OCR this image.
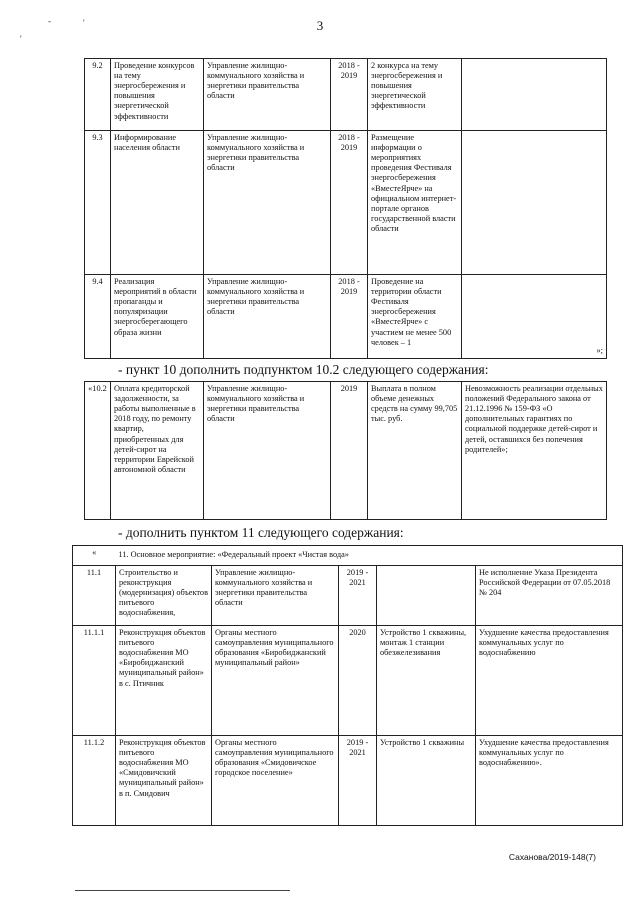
3
'
-	'
9.2	Проведение конкурсов на тему энергосбережения и повышения энергетической эффективности	Управление жилищно-коммунального хозяйства и энергетики правительства области	2018 - 2019	2 конкурса на тему энергосбережения и повышения энергетической эффективности	
9.3	Информирование населения области	Управление жилищно-коммунального хозяйства и энергетики правительства области	2018 - 2019	Размещение информации о мероприятиях проведения Фестиваля энергосбережения «ВместеЯрче» на официальном интернет-портале органов государственной власти области	
9.4	Реализация мероприятий в области пропаганды и популяризации энергосберегающего образа жизни	Управление жилищно-коммунального хозяйства и энергетики правительства области	2018 - 2019	Проведение на территории области Фестиваля энергосбережения «ВместеЯрче» с участием не менее 500 человек – 1	»;
- пункт 10 дополнить подпунктом 10.2 следующего содержания:
«10.2	Оплата кредиторской задолженности, за работы выполненные в 2018 году, по ремонту квартир, приобретенных для детей-сирот на территории Еврейской автономной области	Управление жилищно-коммунального хозяйства и энергетики правительства области	2019	Выплата в полном объеме денежных средств на сумму 99,705 тыс. руб.	Невозможность реализации отдельных положений Федерального закона от 21.12.1996 № 159-ФЗ «О дополнительных гарантиях по социальной поддержке детей-сирот и детей, оставшихся без попечения родителей»;
- дополнить пунктом 11 следующего содержания:
«	11. Основное мероприятие: «Федеральный проект «Чистая вода»				
11.1	Строительство и реконструкция (модернизация) объектов питьевого водоснабжения,	Управление жилищно-коммунального хозяйства и энергетики правительства области	2019 - 2021		Не исполнение Указа Президента Российской Федерации от 07.05.2018 № 204
11.1.1	Реконструкция объектов питьевого водоснабжения МО «Биробиджанский муниципальный район» в с. Птичник	Органы местного самоуправления муниципального образования «Биробиджанский муниципальный район»	2020	Устройство 1 скважины, монтаж 1 станции обезжелезивания	Ухудшение качества предоставления коммунальных услуг по водоснабжению
11.1.2	Реконструкция объектов питьевого водоснабжения МО «Смидовичский муниципальный район» в п. Смидович	Органы местного самоуправления муниципального образования «Смидовичское городское поселение»	2019 - 2021	Устройство 1 скважины	Ухудшение качества предоставления коммунальных услуг по водоснабжению».
Саханова/2019-148(7)
